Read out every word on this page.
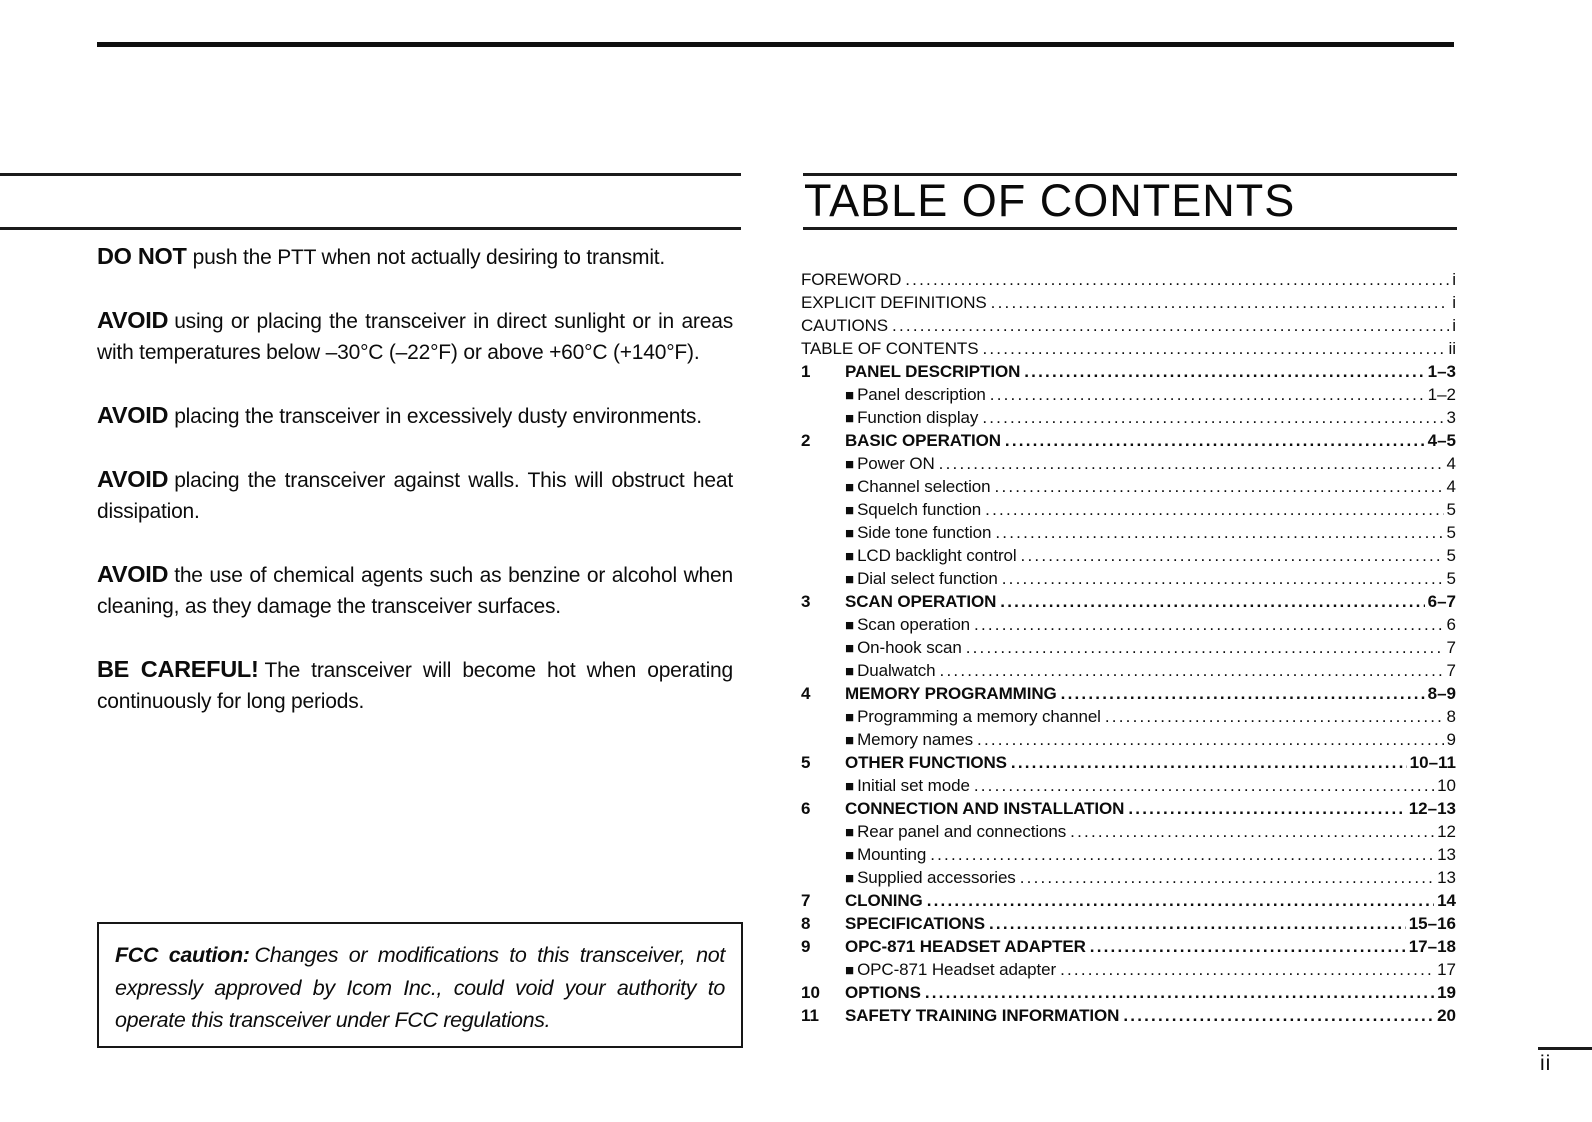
DO NOT push the PTT when not actually desiring to transmit.

AVOID using or placing the transceiver in direct sunlight or in areas with temperatures below –30°C (–22°F) or above +60°C (+140°F).

AVOID placing the transceiver in excessively dusty environments.

AVOID placing the transceiver against walls. This will obstruct heat dissipation.

AVOID the use of chemical agents such as benzine or alcohol when cleaning, as they damage the transceiver surfaces.

BE CAREFUL! The transceiver will become hot when operating continuously for long periods.

FCC caution: Changes or modifications to this transceiver, not expressly approved by Icom Inc., could void your authority to operate this transceiver under FCC regulations.
TABLE OF CONTENTS
FOREWORD .....	i
EXPLICIT DEFINITIONS .....	i
CAUTIONS .....	i
TABLE OF CONTENTS .....	ii
1	PANEL DESCRIPTION .....	1–3
■ Panel description .....	1–2
■ Function display .....	3
2	BASIC OPERATION .....	4–5
■ Power ON .....	4
■ Channel selection .....	4
■ Squelch function .....	5
■ Side tone function .....	5
■ LCD backlight control .....	5
■ Dial select function .....	5
3	SCAN OPERATION .....	6–7
■ Scan operation .....	6
■ On-hook scan .....	7
■ Dualwatch .....	7
4	MEMORY PROGRAMMING .....	8–9
■ Programming a memory channel .....	8
■ Memory names .....	9
5	OTHER FUNCTIONS .....	10–11
■ Initial set mode .....	10
6	CONNECTION AND INSTALLATION .....	12–13
■ Rear panel and connections .....	12
■ Mounting .....	13
■ Supplied accessories .....	13
7	CLONING .....	14
8	SPECIFICATIONS .....	15–16
9	OPC-871 HEADSET ADAPTER .....	17–18
■ OPC-871 Headset adapter .....	17
10	OPTIONS .....	19
11	SAFETY TRAINING INFORMATION .....	20
ii
